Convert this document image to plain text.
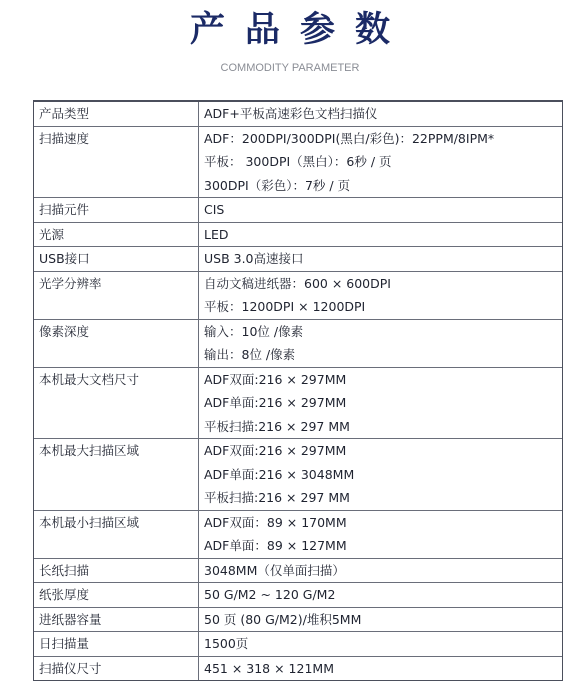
产品参数
COMMODITY PARAMETER
产品类型	ADF+平板高速彩色文档扫描仪
扫描速度	ADF：200DPI/300DPI(黑白/彩色)：22PPM/8IPM*
平板： 300DPI（黑白）：6秒 / 页
300DPI（彩色）：7秒 / 页
扫描元件	CIS
光源	LED
USB接口	USB 3.0高速接口
光学分辨率	自动文稿进纸器：600 × 600DPI
平板：1200DPI × 1200DPI
像素深度	输入：10位 /像素
输出：8位 /像素
本机最大文档尺寸	ADF双面:216 × 297MM
ADF单面:216 × 297MM
平板扫描:216 × 297 MM
本机最大扫描区域	ADF双面:216 × 297MM
ADF单面:216 × 3048MM
平板扫描:216 × 297 MM
本机最小扫描区域	ADF双面：89 × 170MM
ADF单面：89 × 127MM
长纸扫描	3048MM（仅单面扫描）
纸张厚度	50 G/M2 ~ 120 G/M2
进纸器容量	50 页 (80 G/M2)/堆积5MM
日扫描量	1500页
扫描仪尺寸	451 × 318 × 121MM
